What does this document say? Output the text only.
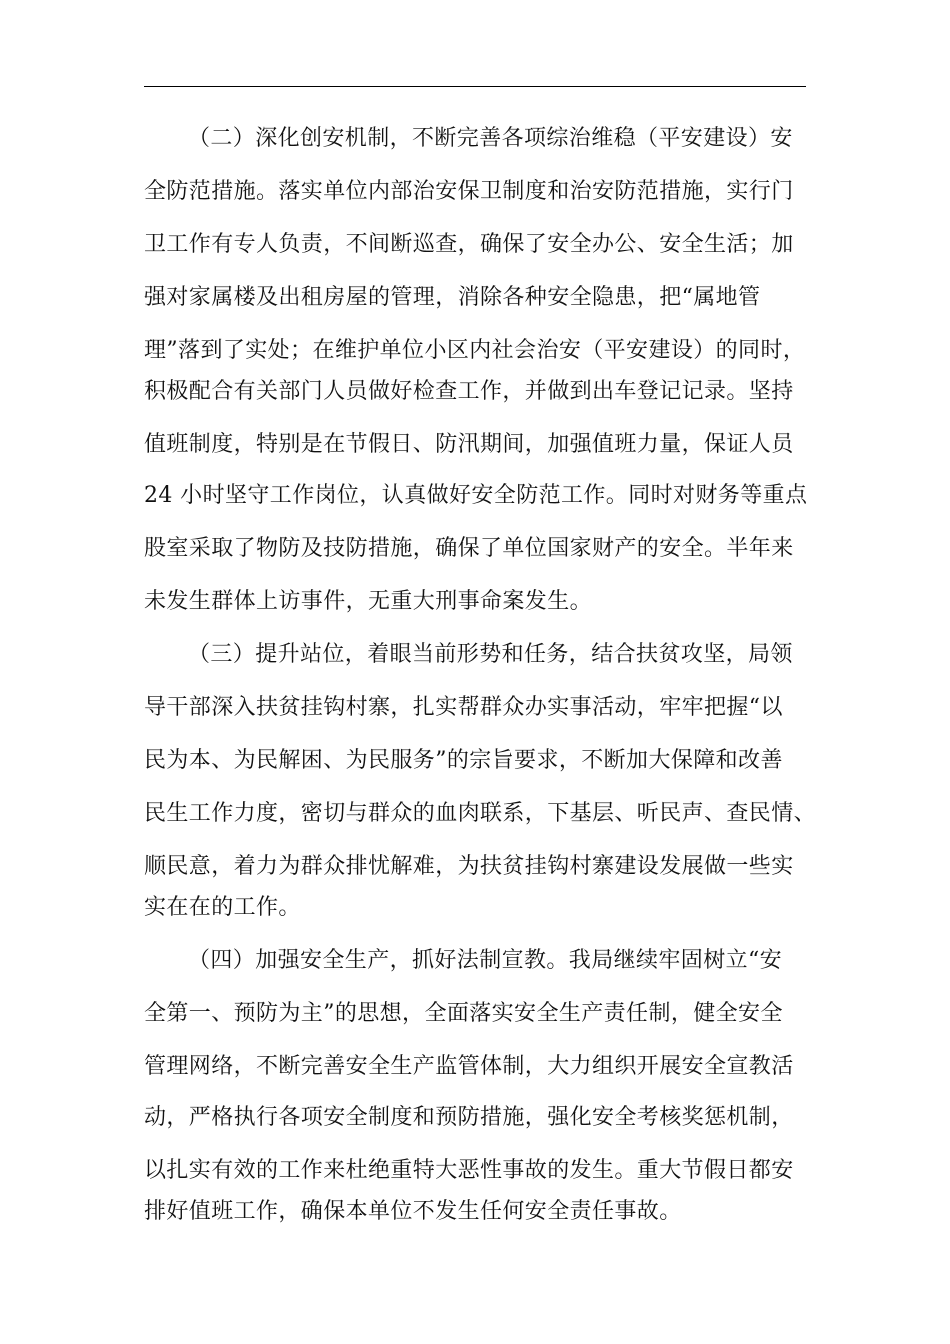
（二）深化创安机制，不断完善各项综治维稳（平安建设）安
全防范措施。落实单位内部治安保卫制度和治安防范措施，实行门
卫工作有专人负责，不间断巡查，确保了安全办公、安全生活；加
强对家属楼及出租房屋的管理，消除各种安全隐患，把“属地管
理”落到了实处；在维护单位小区内社会治安（平安建设）的同时，
积极配合有关部门人员做好检查工作，并做到出车登记记录。坚持
值班制度，特别是在节假日、防汛期间，加强值班力量，保证人员
24 小时坚守工作岗位，认真做好安全防范工作。同时对财务等重点
股室采取了物防及技防措施，确保了单位国家财产的安全。半年来
未发生群体上访事件，无重大刑事命案发生。
（三）提升站位，着眼当前形势和任务，结合扶贫攻坚，局领
导干部深入扶贫挂钩村寨，扎实帮群众办实事活动，牢牢把握“以
民为本、为民解困、为民服务”的宗旨要求，不断加大保障和改善
民生工作力度，密切与群众的血肉联系，下基层、听民声、查民情、
顺民意，着力为群众排忧解难，为扶贫挂钩村寨建设发展做一些实
实在在的工作。
（四）加强安全生产，抓好法制宣教。我局继续牢固树立“安
全第一、预防为主”的思想，全面落实安全生产责任制，健全安全
管理网络，不断完善安全生产监管体制，大力组织开展安全宣教活
动，严格执行各项安全制度和预防措施，强化安全考核奖惩机制，
以扎实有效的工作来杜绝重特大恶性事故的发生。重大节假日都安
排好值班工作，确保本单位不发生任何安全责任事故。
